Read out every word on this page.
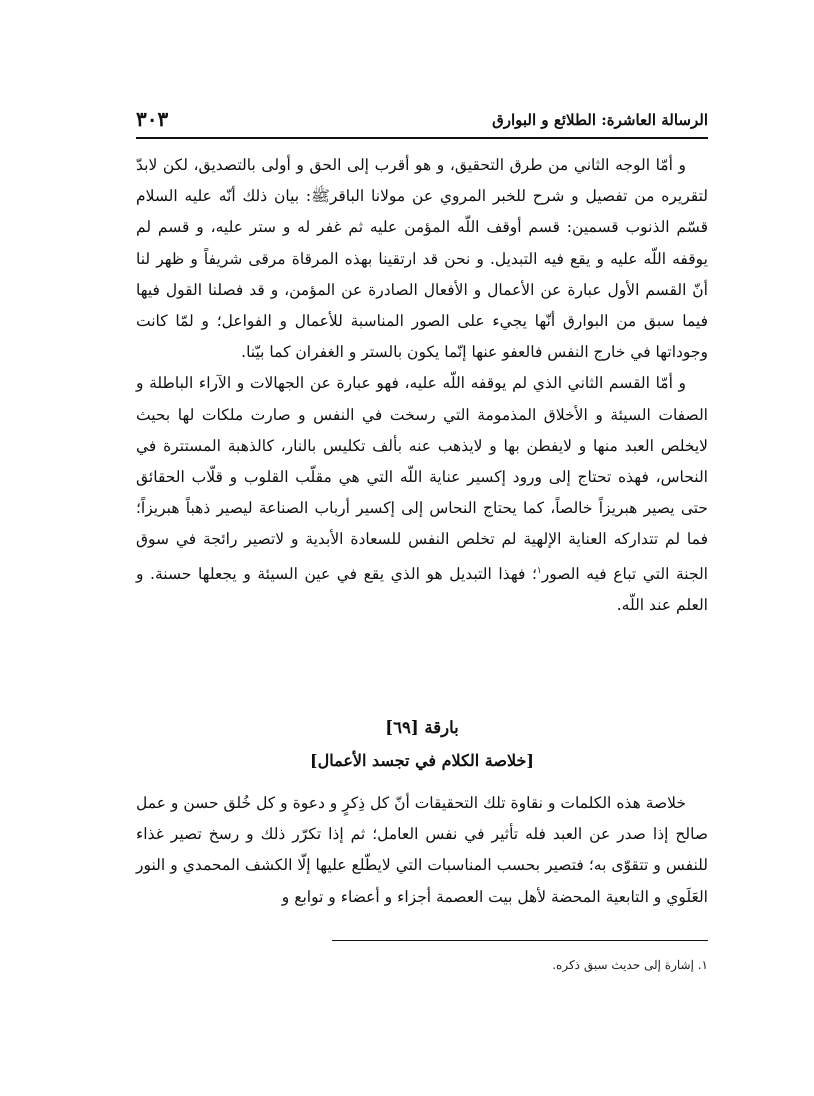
الرسالة العاشرة: الطلائع و البوارق
٣٠٣

و أمّا الوجه الثاني من طرق التحقيق، و هو أقرب إلى الحق و أولى بالتصديق، لكن لابدّ لتقريره من تفصيل و شرح للخبر المروي عن مولانا الباقرﷺ: بيان ذلك أنّه عليه السلام قسّم الذنوب قسمين: قسم أوقف اللّه المؤمن عليه ثم غفر له و ستر عليه، و قسم لم يوقفه اللّه عليه و يقع فيه التبديل. و نحن قد ارتقينا بهذه المرقاة مرقى شريفاً و ظهر لنا أنّ القسم الأول عبارة عن الأعمال و الأفعال الصادرة عن المؤمن، و قد فصلنا القول فيها فيما سبق من البوارق أنّها يجيء على الصور المناسبة للأعمال و الفواعل؛ و لمّا كانت وجوداتها في خارج النفس فالعفو عنها إنّما يكون بالستر و الغفران كما بيّنا.

و أمّا القسم الثاني الذي لم يوقفه اللّه عليه، فهو عبارة عن الجهالات و الآراء الباطلة و الصفات السيئة و الأخلاق المذمومة التي رسخت في النفس و صارت ملكات لها بحيث لايخلص العبد منها و لايفطن بها و لايذهب عنه بألف تكليس بالنار، كالذهبة المستترة في النحاس، فهذه تحتاج إلى ورود إكسير عناية اللّه التي هي مقلّب القلوب و قلّاب الحقائق حتى يصير هبريزاً خالصاً، كما يحتاج النحاس إلى إكسير أرباب الصناعة ليصير ذهباً هبريزاً؛ فما لم تتداركه العناية الإلهية لم تخلص النفس للسعادة الأبدية و لاتصير رائجة في سوق الجنة التي تباع فيه الصور$^١$؛ فهذا التبديل هو الذي يقع في عين السيئة و يجعلها حسنة. و العلم عند اللّه.

بارقة [٦٩]
[خلاصة الكلام في تجسد الأعمال]

خلاصة هذه الكلمات و نقاوة تلك التحقيقات أنّ كل ذِكرٍ و دعوة و كل خُلق حسن و عمل صالح إذا صدر عن العبد فله تأثير في نفس العامل؛ ثم إذا تكرّر ذلك و رسخ تصير غذاء للنفس و تتقوّى به؛ فتصير بحسب المناسبات التي لايطّلع عليها إلّا الكشف المحمدي و النور العَلَوي و التابعية المحضة لأهل بيت العصمة أجزاء و أعضاء و توابع و

١. إشارة إلى حديث سبق ذكره.
